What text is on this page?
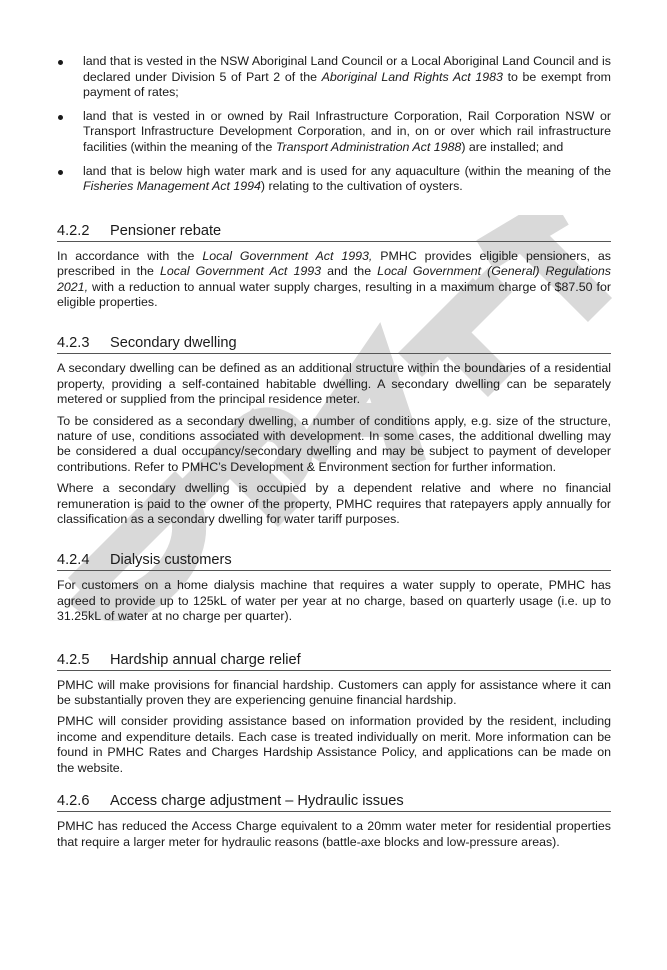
land that is vested in the NSW Aboriginal Land Council or a Local Aboriginal Land Council and is declared under Division 5 of Part 2 of the Aboriginal Land Rights Act 1983 to be exempt from payment of rates;
land that is vested in or owned by Rail Infrastructure Corporation, Rail Corporation NSW or Transport Infrastructure Development Corporation, and in, on or over which rail infrastructure facilities (within the meaning of the Transport Administration Act 1988) are installed; and
land that is below high water mark and is used for any aquaculture (within the meaning of the Fisheries Management Act 1994) relating to the cultivation of oysters.
4.2.2	Pensioner rebate

In accordance with the Local Government Act 1993, PMHC provides eligible pensioners, as prescribed in the Local Government Act 1993 and the Local Government (General) Regulations 2021, with a reduction to annual water supply charges, resulting in a maximum charge of $87.50 for eligible properties.

4.2.3	Secondary dwelling

A secondary dwelling can be defined as an additional structure within the boundaries of a residential property, providing a self-contained habitable dwelling. A secondary dwelling can be separately metered or supplied from the principal residence meter.

To be considered as a secondary dwelling, a number of conditions apply, e.g. size of the structure, nature of use, conditions associated with development. In some cases, the additional dwelling may be considered a dual occupancy/secondary dwelling and may be subject to payment of developer contributions. Refer to PMHC’s Development & Environment section for further information.

Where a secondary dwelling is occupied by a dependent relative and where no financial remuneration is paid to the owner of the property, PMHC requires that ratepayers apply annually for classification as a secondary dwelling for water tariff purposes.

4.2.4	Dialysis customers

For customers on a home dialysis machine that requires a water supply to operate, PMHC has agreed to provide up to 125kL of water per year at no charge, based on quarterly usage (i.e. up to 31.25kL of water at no charge per quarter).

4.2.5	Hardship annual charge relief

PMHC will make provisions for financial hardship. Customers can apply for assistance where it can be substantially proven they are experiencing genuine financial hardship.

PMHC will consider providing assistance based on information provided by the resident, including income and expenditure details. Each case is treated individually on merit. More information can be found in PMHC Rates and Charges Hardship Assistance Policy, and applications can be made on the website.

4.2.6	Access charge adjustment – Hydraulic issues

PMHC has reduced the Access Charge equivalent to a 20mm water meter for residential properties that require a larger meter for hydraulic reasons (battle-axe blocks and low-pressure areas).
